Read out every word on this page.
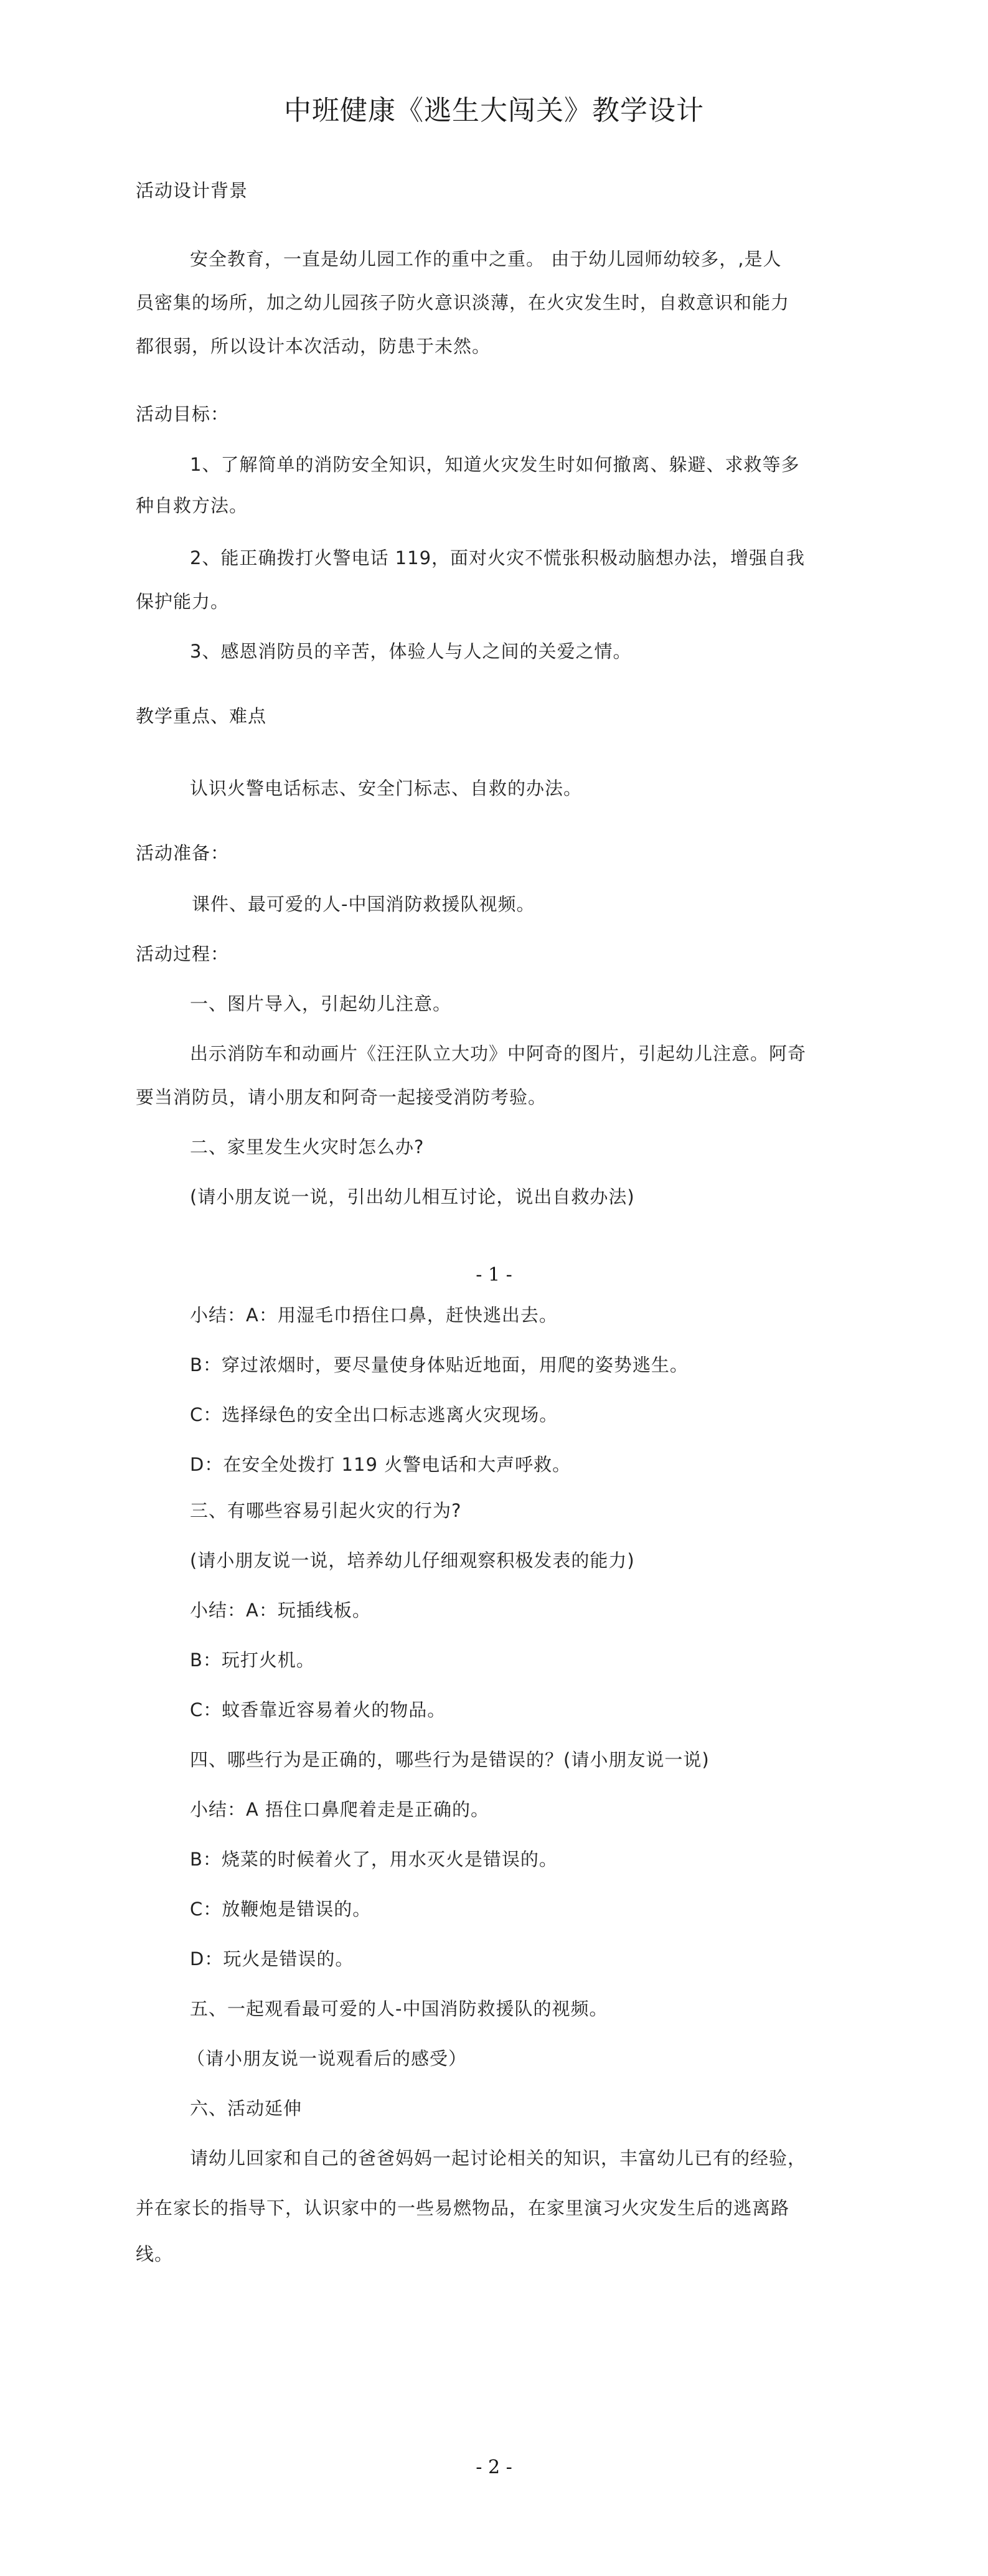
中班健康《逃生大闯关》教学设计
活动设计背景
安全教育，一直是幼儿园工作的重中之重。 由于幼儿园师幼较多，,是人
员密集的场所，加之幼儿园孩子防火意识淡薄，在火灾发生时，自救意识和能力
都很弱，所以设计本次活动，防患于未然。
活动目标：
1、了解简单的消防安全知识，知道火灾发生时如何撤离、躲避、求救等多
种自救方法。
2、能正确拨打火警电话 119，面对火灾不慌张积极动脑想办法，增强自我
保护能力。
3、感恩消防员的辛苦，体验人与人之间的关爱之情。
教学重点、难点
认识火警电话标志、安全门标志、自救的办法。
活动准备：
课件、最可爱的人-中国消防救援队视频。
活动过程：
一、图片导入，引起幼儿注意。
出示消防车和动画片《汪汪队立大功》中阿奇的图片，引起幼儿注意。阿奇
要当消防员，请小朋友和阿奇一起接受消防考验。
二、家里发生火灾时怎么办?
(请小朋友说一说，引出幼儿相互讨论，说出自救办法)
- 1 -
小结：A：用湿毛巾捂住口鼻，赶快逃出去。
B：穿过浓烟时，要尽量使身体贴近地面，用爬的姿势逃生。
C：选择绿色的安全出口标志逃离火灾现场。
D：在安全处拨打 119 火警电话和大声呼救。
三、有哪些容易引起火灾的行为?
(请小朋友说一说，培养幼儿仔细观察积极发表的能力)
小结：A：玩插线板。
B：玩打火机。
C：蚊香靠近容易着火的物品。
四、哪些行为是正确的，哪些行为是错误的？(请小朋友说一说)
小结：A 捂住口鼻爬着走是正确的。
B：烧菜的时候着火了，用水灭火是错误的。
C：放鞭炮是错误的。
D：玩火是错误的。
五、一起观看最可爱的人-中国消防救援队的视频。
（请小朋友说一说观看后的感受）
六、活动延伸
请幼儿回家和自己的爸爸妈妈一起讨论相关的知识，丰富幼儿已有的经验，
并在家长的指导下，认识家中的一些易燃物品，在家里演习火灾发生后的逃离路
线。
- 2 -
